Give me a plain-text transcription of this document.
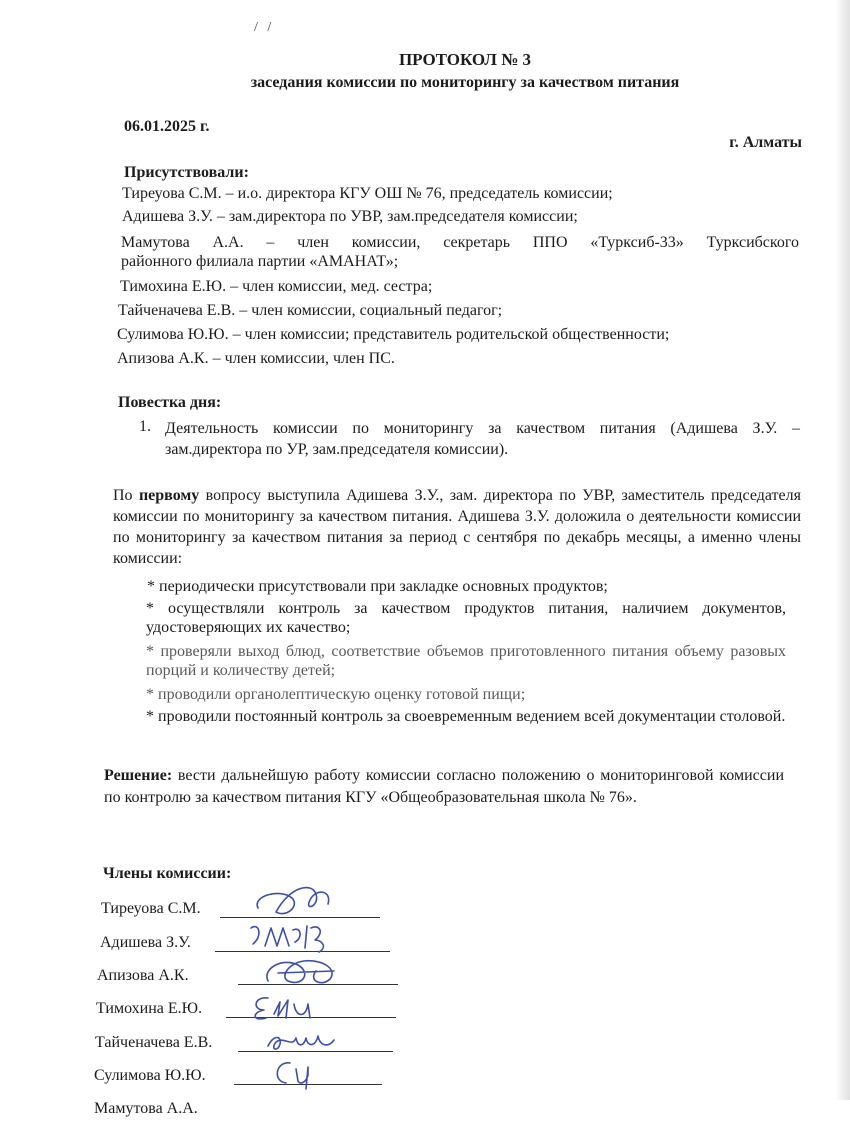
/ /
ПРОТОКОЛ № 3
заседания комиссии по мониторингу за качеством питания
06.01.2025 г.
г. Алматы
Присутствовали:
Тиреуова С.М. – и.о. директора КГУ ОШ № 76, председатель комиссии;
Адишева З.У. – зам.директора по УВР, зам.председателя комиссии;
Мамутова А.А. – член комиссии, секретарь ППО «Турксиб-33» Турксибского
районного филиала партии «АМАНАТ»;
Тимохина Е.Ю. – член комиссии, мед. сестра;
Тайченачева Е.В. – член комиссии, социальный педагог;
Сулимова Ю.Ю. – член комиссии; представитель родительской общественности;
Апизова А.К. – член комиссии, член ПС.
Повестка дня:
1. Деятельность комиссии по мониторингу за качеством питания (Адишева З.У. – зам.директора по УР, зам.председателя комиссии).
По первому вопросу выступила Адишева З.У., зам. директора по УВР, заместитель председателя комиссии по мониторингу за качеством питания. Адишева З.У. доложила о деятельности комиссии по мониторингу за качеством питания за период с сентября по декабрь месяцы, а именно члены комиссии:
* периодически присутствовали при закладке основных продуктов;
* осуществляли контроль за качеством продуктов питания, наличием документов, удостоверяющих их качество;
* проверяли выход блюд, соответствие объемов приготовленного питания объему разовых порций и количеству детей;
* проводили органолептическую оценку готовой пищи;
* проводили постоянный контроль за своевременным ведением всей документации столовой.
Решение: вести дальнейшую работу комиссии согласно положению о мониторинговой комиссии по контролю за качеством питания КГУ «Общеобразовательная школа № 76».
Члены комиссии:
Тиреуова С.М.
Адишева З.У.
Апизова А.К.
Тимохина Е.Ю.
Тайченачева Е.В.
Сулимова Ю.Ю.
Мамутова А.А.
